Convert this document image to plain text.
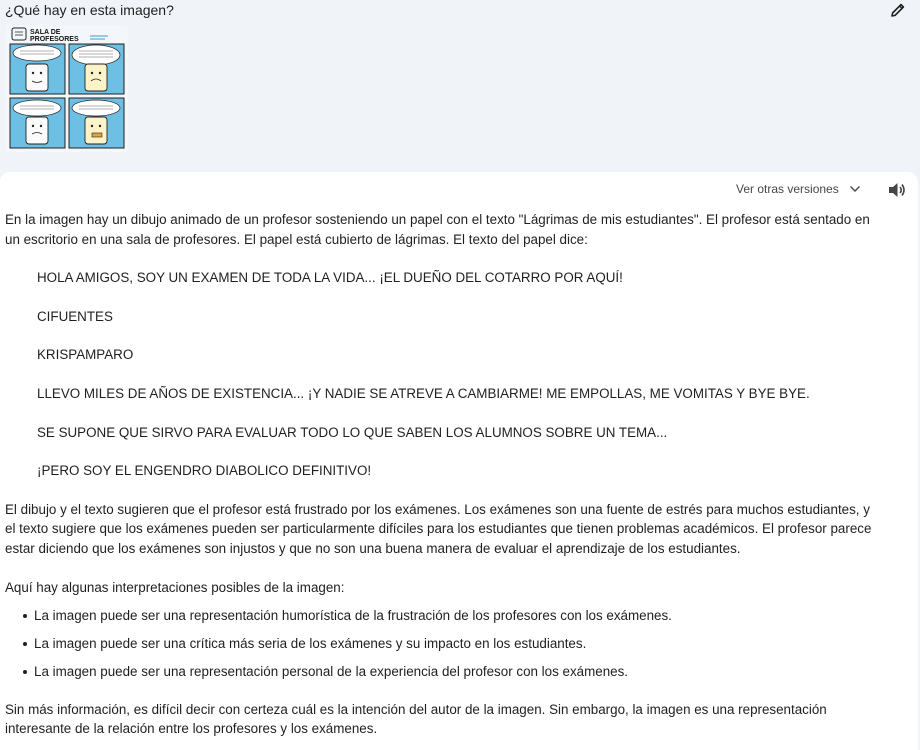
¿Qué hay en esta imagen?
SALA DE
PROFESORES
Ver otras versiones

En la imagen hay un dibujo animado de un profesor sosteniendo un papel con el texto "Lágrimas de mis estudiantes". El profesor está sentado en un escritorio en una sala de profesores. El papel está cubierto de lágrimas. El texto del papel dice:

HOLA AMIGOS, SOY UN EXAMEN DE TODA LA VIDA... ¡EL DUEÑO DEL COTARRO POR AQUÍ!

CIFUENTES

KRISPAMPARO

LLEVO MILES DE AÑOS DE EXISTENCIA... ¡Y NADIE SE ATREVE A CAMBIARME! ME EMPOLLAS, ME VOMITAS Y BYE BYE.

SE SUPONE QUE SIRVO PARA EVALUAR TODO LO QUE SABEN LOS ALUMNOS SOBRE UN TEMA...

¡PERO SOY EL ENGENDRO DIABOLICO DEFINITIVO!

El dibujo y el texto sugieren que el profesor está frustrado por los exámenes. Los exámenes son una fuente de estrés para muchos estudiantes, y el texto sugiere que los exámenes pueden ser particularmente difíciles para los estudiantes que tienen problemas académicos. El profesor parece estar diciendo que los exámenes son injustos y que no son una buena manera de evaluar el aprendizaje de los estudiantes.

Aquí hay algunas interpretaciones posibles de la imagen:

La imagen puede ser una representación humorística de la frustración de los profesores con los exámenes.
La imagen puede ser una crítica más seria de los exámenes y su impacto en los estudiantes.
La imagen puede ser una representación personal de la experiencia del profesor con los exámenes.

Sin más información, es difícil decir con certeza cuál es la intención del autor de la imagen. Sin embargo, la imagen es una representación interesante de la relación entre los profesores y los exámenes.
